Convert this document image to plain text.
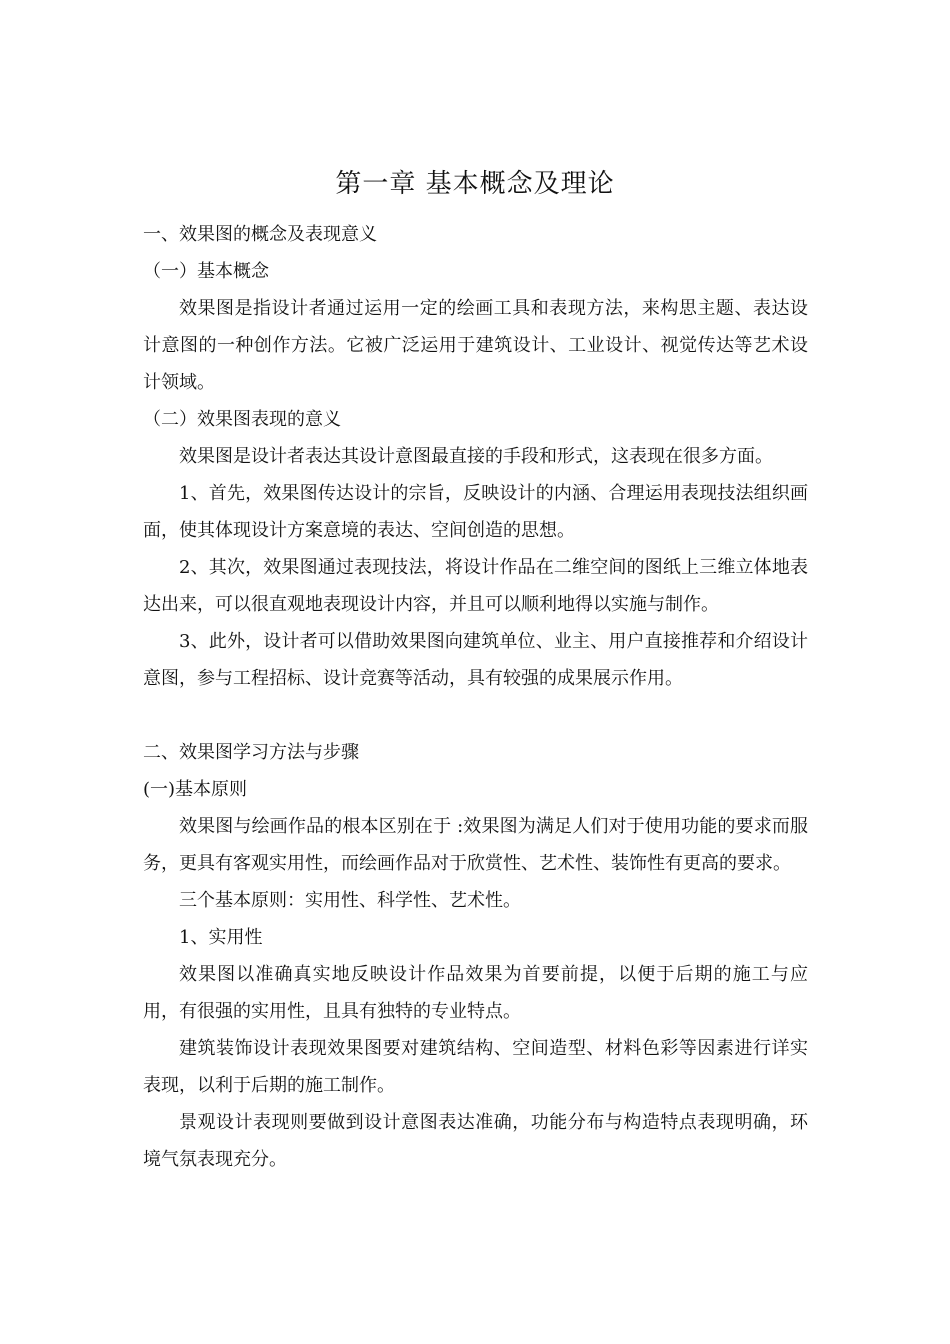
第一章 基本概念及理论
一、效果图的概念及表现意义
（一）基本概念

效果图是指设计者通过运用一定的绘画工具和表现方法，来构思主题、表达设计意图的一种创作方法。它被广泛运用于建筑设计、工业设计、视觉传达等艺术设计领域。

（二）效果图表现的意义

效果图是设计者表达其设计意图最直接的手段和形式，这表现在很多方面。

1、首先，效果图传达设计的宗旨，反映设计的内涵、合理运用表现技法组织画面，使其体现设计方案意境的表达、空间创造的思想。

2、其次，效果图通过表现技法，将设计作品在二维空间的图纸上三维立体地表达出来，可以很直观地表现设计内容，并且可以顺利地得以实施与制作。

3、此外，设计者可以借助效果图向建筑单位、业主、用户直接推荐和介绍设计意图，参与工程招标、设计竞赛等活动，具有较强的成果展示作用。

二、效果图学习方法与步骤
(一)基本原则

效果图与绘画作品的根本区别在于 :效果图为满足人们对于使用功能的要求而服务，更具有客观实用性，而绘画作品对于欣赏性、艺术性、装饰性有更高的要求。

三个基本原则：实用性、科学性、艺术性。

1、实用性

效果图以准确真实地反映设计作品效果为首要前提，以便于后期的施工与应用，有很强的实用性，且具有独特的专业特点。

建筑装饰设计表现效果图要对建筑结构、空间造型、材料色彩等因素进行详实表现，以利于后期的施工制作。

景观设计表现则要做到设计意图表达准确，功能分布与构造特点表现明确，环境气氛表现充分。
